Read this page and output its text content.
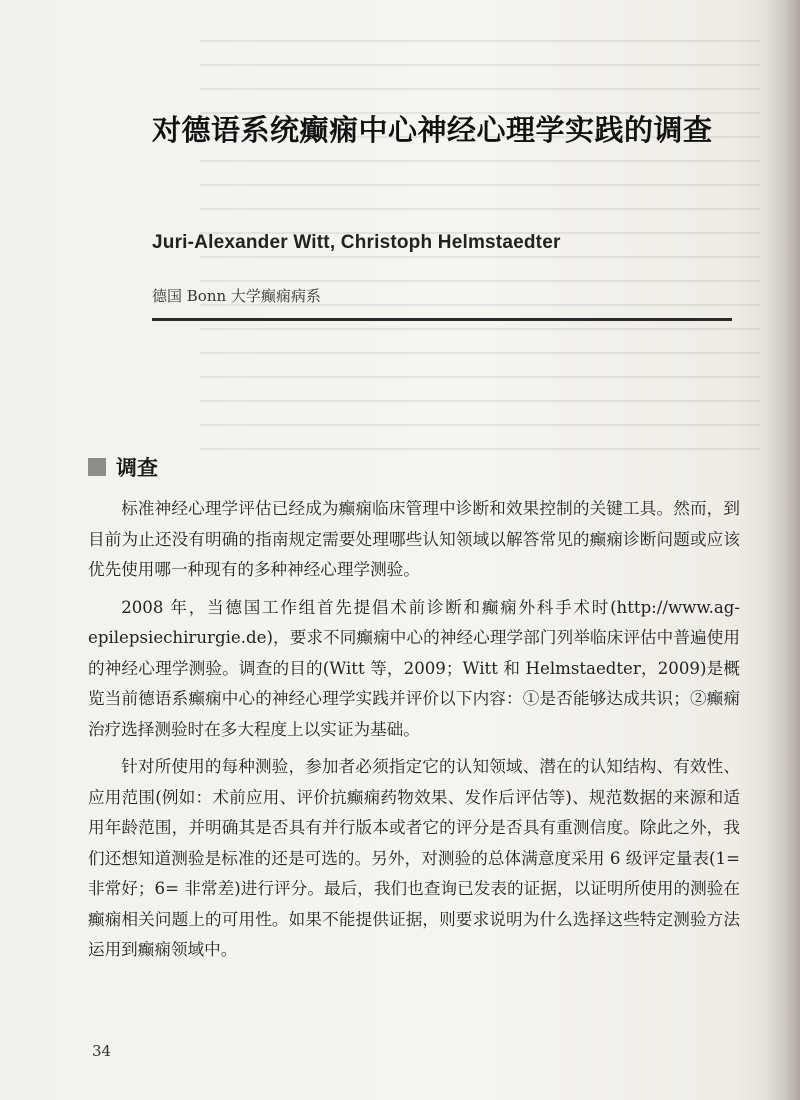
对德语系统癫痫中心神经心理学实践的调查

Juri-Alexander Witt, Christoph Helmstaedter

德国 Bonn 大学癫痫病系

调查

标准神经心理学评估已经成为癫痫临床管理中诊断和效果控制的关键工具。然而，到目前为止还没有明确的指南规定需要处理哪些认知领域以解答常见的癫痫诊断问题或应该优先使用哪一种现有的多种神经心理学测验。

2008 年，当德国工作组首先提倡术前诊断和癫痫外科手术时(http://www.ag-epilepsiechirurgie.de)，要求不同癫痫中心的神经心理学部门列举临床评估中普遍使用的神经心理学测验。调查的目的(Witt 等，2009；Witt 和 Helmstaedter，2009)是概览当前德语系癫痫中心的神经心理学实践并评价以下内容：①是否能够达成共识；②癫痫治疗选择测验时在多大程度上以实证为基础。

针对所使用的每种测验，参加者必须指定它的认知领域、潜在的认知结构、有效性、应用范围(例如：术前应用、评价抗癫痫药物效果、发作后评估等)、规范数据的来源和适用年龄范围，并明确其是否具有并行版本或者它的评分是否具有重测信度。除此之外，我们还想知道测验是标准的还是可选的。另外，对测验的总体满意度采用 6 级评定量表(1= 非常好；6= 非常差)进行评分。最后，我们也查询已发表的证据，以证明所使用的测验在癫痫相关问题上的可用性。如果不能提供证据，则要求说明为什么选择这些特定测验方法运用到癫痫领域中。

34
